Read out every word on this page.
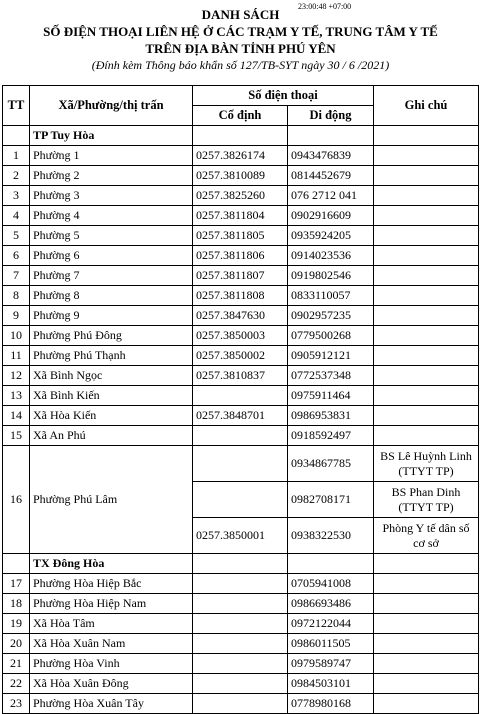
23:00:48 +07:00
DANH SÁCH
SỐ ĐIỆN THOẠI LIÊN HỆ Ở CÁC TRẠM Y TẾ, TRUNG TÂM Y TẾ
TRÊN ĐỊA BÀN TỈNH PHÚ YÊN
(Đính kèm Thông báo khẩn số 127/TB-SYT ngày 30 / 6 /2021)
TT	Xã/Phường/thị trấn	Số điện thoại		Ghi chú
		Cố định	Di động	
	TP Tuy Hòa			
1	Phường 1	0257.3826174	0943476839	
2	Phường 2	0257.3810089	0814452679	
3	Phường 3	0257.3825260	076 2712 041	
4	Phường 4	0257.3811804	0902916609	
5	Phường 5	0257.3811805	0935924205	
6	Phường 6	0257.3811806	0914023536	
7	Phường 7	0257.3811807	0919802546	
8	Phường 8	0257.3811808	0833110057	
9	Phường 9	0257.3847630	0902957235	
10	Phường Phú Đông	0257.3850003	0779500268	
11	Phường Phú Thạnh	0257.3850002	0905912121	
12	Xã Bình Ngọc	0257.3810837	0772537348	
13	Xã Bình Kiến		0975911464	
14	Xã Hòa Kiến	0257.3848701	0986953831	
15	Xã An Phú		0918592497	
16	Phường Phú Lâm		0934867785	BS Lê Huỳnh Linh (TTYT TP)
			0982708171	BS Phan Dinh (TTYT TP)
		0257.3850001	0938322530	Phòng Y tế dân số cơ sở
	TX Đông Hòa			
17	Phường Hòa Hiệp Bắc		0705941008	
18	Phường Hòa Hiệp Nam		0986693486	
19	Xã Hòa Tâm		0972122044	
20	Xã Hòa Xuân Nam		0986011505	
21	Phường Hòa Vinh		0979589747	
22	Xã Hòa Xuân Đông		0984503101	
23	Phường Hòa Xuân Tây		0778980168	
